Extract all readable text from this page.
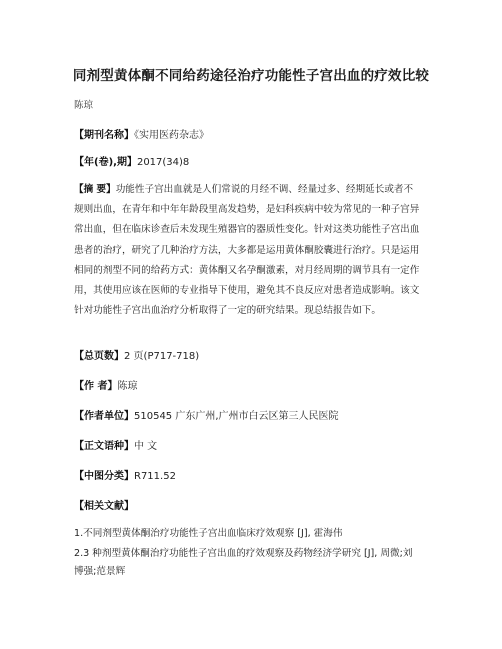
同剂型黄体酮不同给药途径治疗功能性子宫出血的疗效比较
陈琼
【期刊名称】《实用医药杂志》
【年(卷),期】2017(34)8
【摘 要】功能性子宫出血就是人们常说的月经不调、经量过多、经期延长或者不
规则出血，在青年和中年年龄段里高发趋势，是妇科疾病中较为常见的一种子宫异
常出血，但在临床诊查后未发现生殖器官的器质性变化。针对这类功能性子宫出血
患者的治疗，研究了几种治疗方法，大多都是运用黄体酮胶囊进行治疗。只是运用
相同的剂型不同的给药方式：黄体酮又名孕酮激素，对月经周期的调节具有一定作
用，其使用应该在医师的专业指导下使用，避免其不良反应对患者造成影响。该文
针对功能性子宫出血治疗分析取得了一定的研究结果。现总结报告如下。
【总页数】2 页(P717-718)
【作 者】陈琼
【作者单位】510545 广东广州,广州市白云区第三人民医院
【正文语种】中 文
【中图分类】R711.52
【相关文献】
1.不同剂型黄体酮治疗功能性子宫出血临床疗效观察 [J], 霍海伟
2.3 种剂型黄体酮治疗功能性子宫出血的疗效观察及药物经济学研究 [J], 周微;刘
博强;范景辉
